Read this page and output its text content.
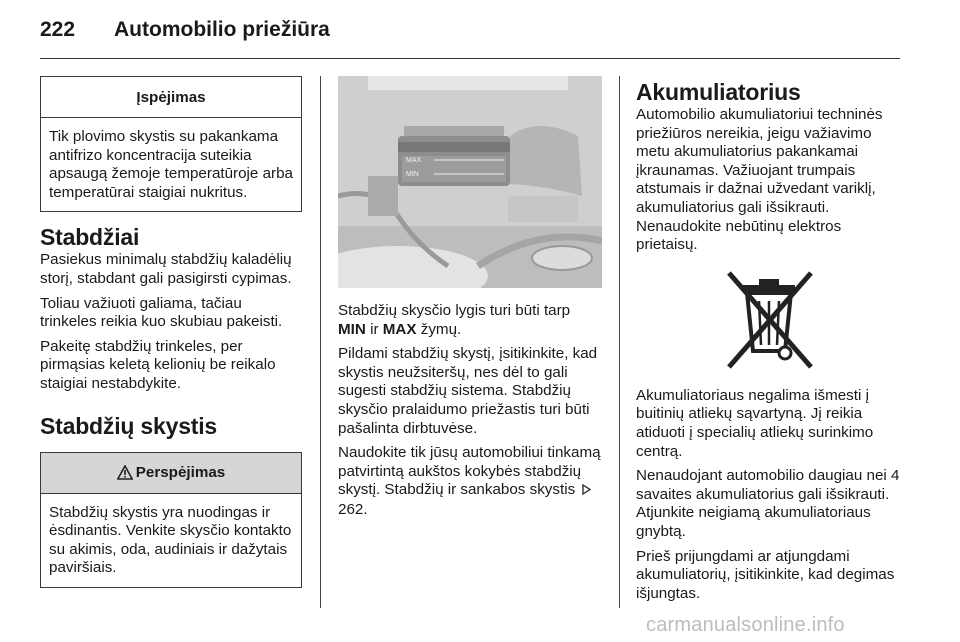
222 Automobilio priežiūra
Įspėjimas

Tik plovimo skystis su pakankama antifrizo koncentracija suteikia apsaugą žemoje temperatūroje arba temperatūrai staigiai nukritus.

Stabdžiai

Pasiekus minimalų stabdžių kaladėlių storį, stabdant gali pasigirsti cypimas.

Toliau važiuoti galiama, tačiau trinkeles reikia kuo skubiau pakeisti.

Pakeitę stabdžių trinkeles, per pirmąsias keletą kelionių be reikalo staigiai nestabdykite.

Stabdžių skystis
Perspėjimas

Stabdžių skystis yra nuodingas ir ėsdinantis. Venkite skysčio kontakto su akimis, oda, audiniais ir dažytais paviršiais.

MAX
MIN

Stabdžių skysčio lygis turi būti tarp
MIN ir MAX žymų.

Pildami stabdžių skystį, įsitikinkite, kad skystis neužsiteršų, nes dėl to gali sugesti stabdžių sistema. Stabdžių skysčio pralaidumo priežastis turi būti pašalinta dirbtuvėse.

Naudokite tik jūsų automobiliui tinkamą patvirtintą aukštos kokybės stabdžių skystį. Stabdžių ir sankabos skystis 262.

Akumuliatorius

Automobilio akumuliatoriui techninės priežiūros nereikia, jeigu važiavimo metu akumuliatorius pakankamai įkraunamas. Važiuojant trumpais atstumais ir dažnai užvedant variklį, akumuliatorius gali išsikrauti. Nenaudokite nebūtinų elektros prietaisų.

Akumuliatoriaus negalima išmesti į buitinių atliekų sąvartyną. Jį reikia atiduoti į specialių atliekų surinkimo centrą.

Nenaudojant automobilio daugiau nei 4 savaites akumuliatorius gali išsikrauti. Atjunkite neigiamą akumuliatoriaus gnybtą.

Prieš prijungdami ar atjungdami akumuliatorių, įsitikinkite, kad degimas išjungtas.

carmanualsonline.info
